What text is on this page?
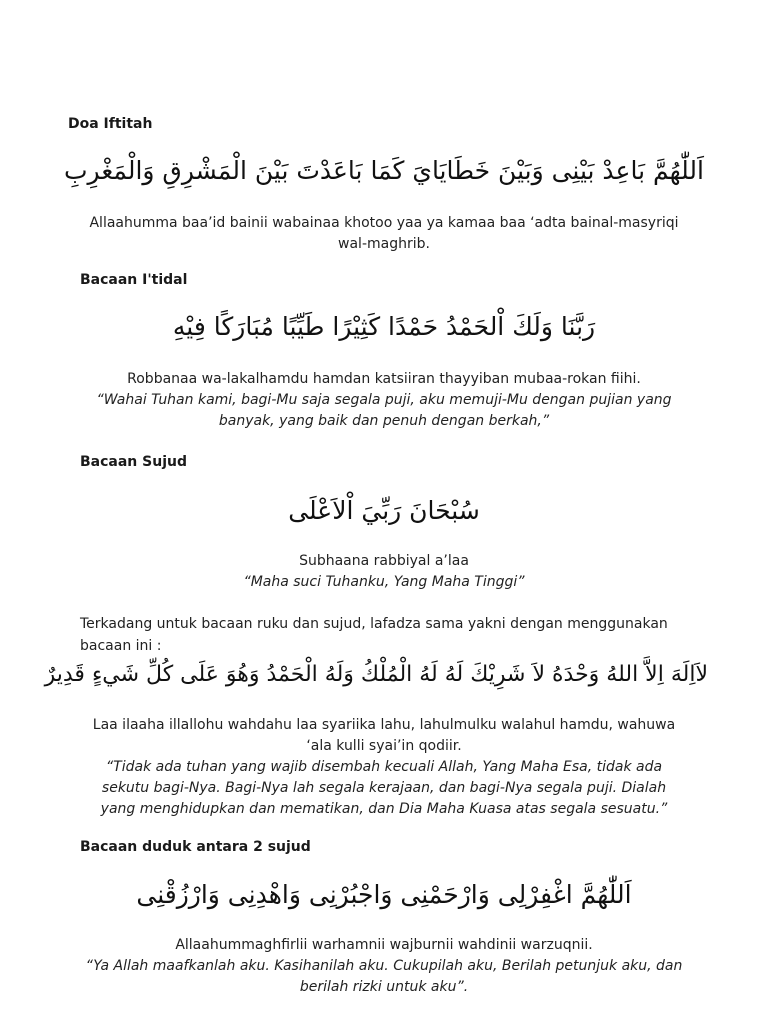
Doa Iftitah
اَللّٰهُمَّ بَاعِدْ بَيْنِى وَبَيْنَ خَطَايَايَ كَمَا بَاعَدْتَ بَيْنَ الْمَشْرِقِ وَالْمَغْرِبِ
Allaahumma baa’id bainii wabainaa khotoo yaa ya kamaa baa ‘adta bainal-masyriqi
wal-maghrib.
Bacaan I'tidal
رَبَّنَا وَلَكَ اْلحَمْدُ حَمْدًا كَثِيْرًا طَيِّبًا مُبَارَكًا فِيْهِ
Robbanaa wa-lakalhamdu hamdan katsiiran thayyiban mubaa-rokan fiihi.
“Wahai Tuhan kami, bagi-Mu saja segala puji, aku memuji-Mu dengan pujian yang
banyak, yang baik dan penuh dengan berkah,”
Bacaan Sujud
سُبْحَانَ رَبِّيَ اْلاَعْلَى
Subhaana rabbiyal a’laa
“Maha suci Tuhanku, Yang Maha Tinggi”
Terkadang untuk bacaan ruku dan sujud, lafadza sama yakni dengan menggunakan
bacaan ini :
لاَاِلَهَ اِلاَّ اللهُ وَحْدَهُ لاَ شَرِيْكَ لَهُ لَهُ الْمُلْكُ وَلَهُ الْحَمْدُ وَهُوَ عَلَى كُلِّ شَيءٍ قَدِيرٌ
Laa ilaaha illallohu wahdahu laa syariika lahu, lahulmulku walahul hamdu, wahuwa
‘ala kulli syai’in qodiir.
“Tidak ada tuhan yang wajib disembah kecuali Allah, Yang Maha Esa, tidak ada
sekutu bagi-Nya. Bagi-Nya lah segala kerajaan, dan bagi-Nya segala puji. Dialah
yang menghidupkan dan mematikan, dan Dia Maha Kuasa atas segala sesuatu.”
Bacaan duduk antara 2 sujud
اَللّٰهُمَّ اغْفِرْلِى وَارْحَمْنِى وَاجْبُرْنِى وَاهْدِنِى وَارْزُقْنِى
Allaahummaghfirlii warhamnii wajburnii wahdinii warzuqnii.
“Ya Allah maafkanlah aku. Kasihanilah aku. Cukupilah aku, Berilah petunjuk aku, dan
berilah rizki untuk aku”.
